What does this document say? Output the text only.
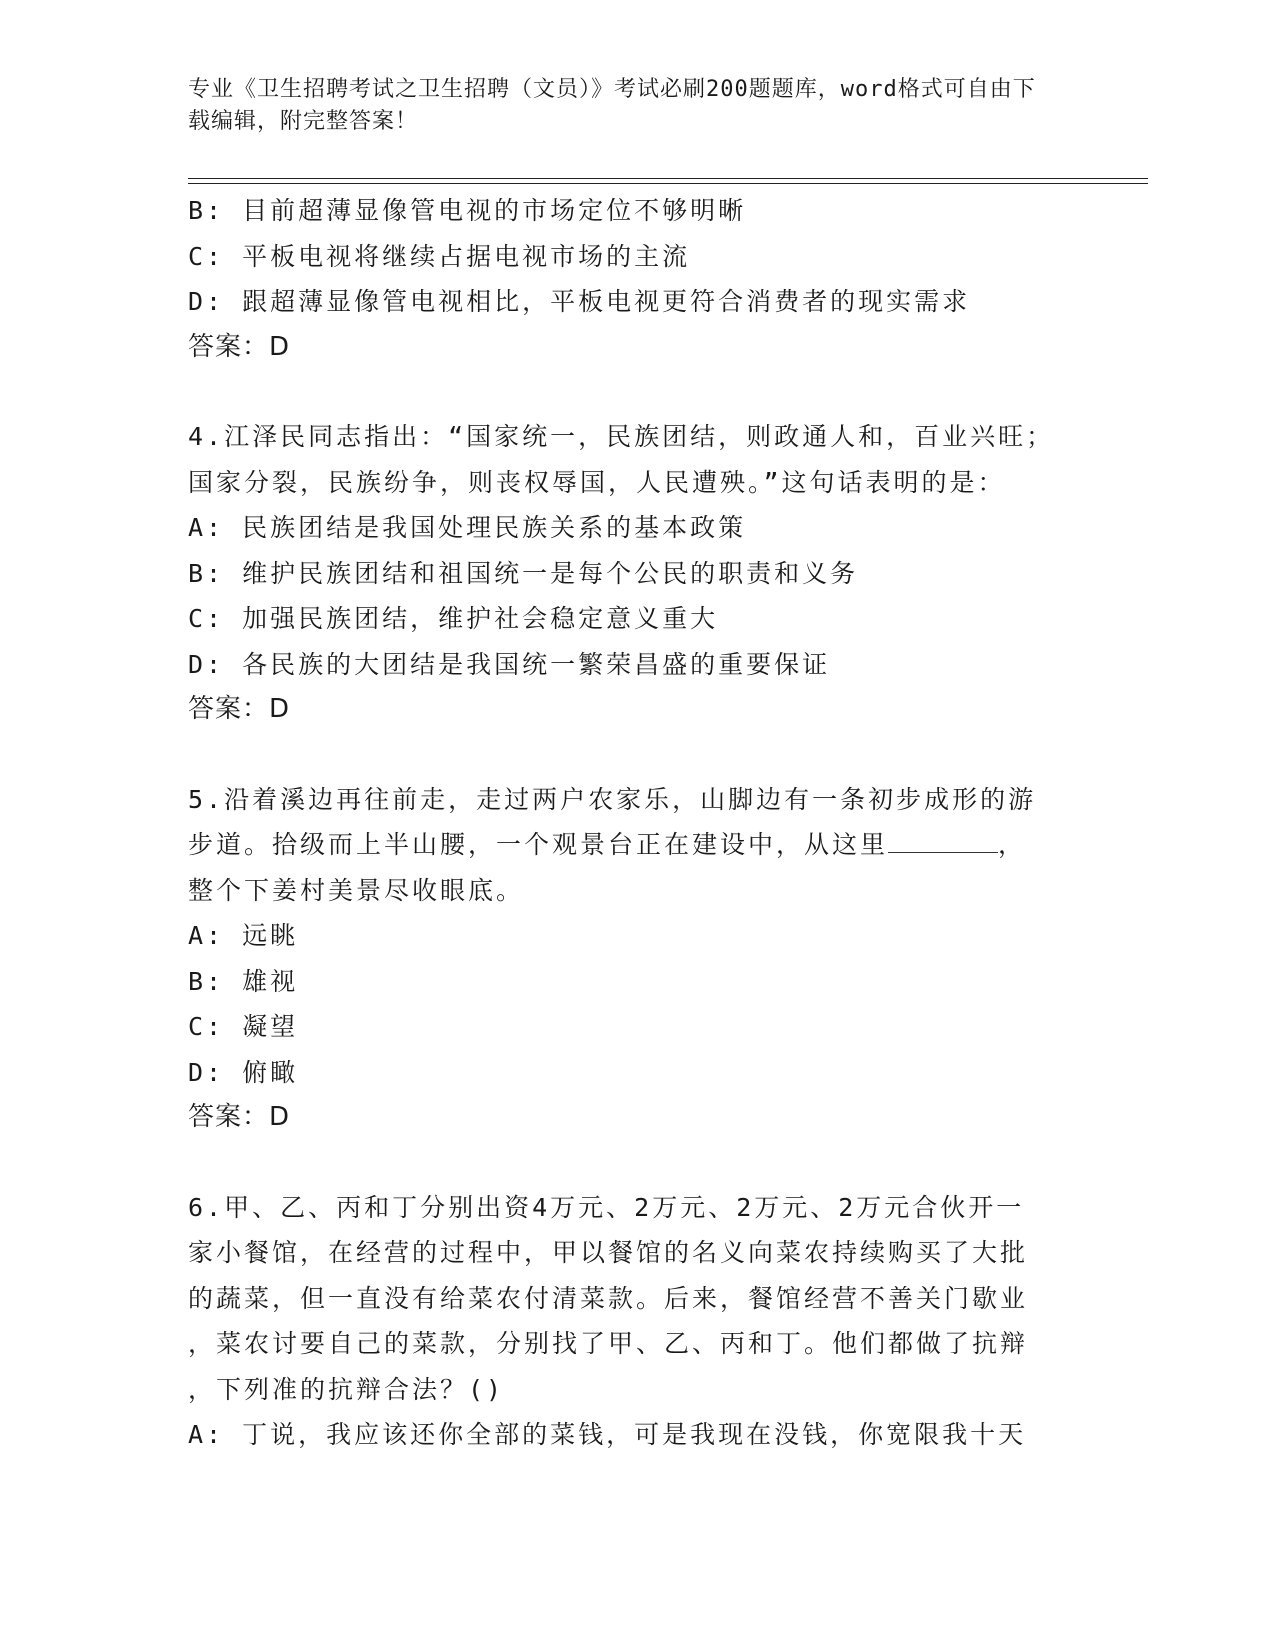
专业《卫生招聘考试之卫生招聘（文员）》考试必刷200题题库，word格式可自由下载编辑，附完整答案！
B: 目前超薄显像管电视的市场定位不够明晰
C: 平板电视将继续占据电视市场的主流
D: 跟超薄显像管电视相比，平板电视更符合消费者的现实需求
答案：D
4.江泽民同志指出：“国家统一，民族团结，则政通人和，百业兴旺；
国家分裂，民族纷争，则丧权辱国，人民遭殃。”这句话表明的是：
A: 民族团结是我国处理民族关系的基本政策
B: 维护民族团结和祖国统一是每个公民的职责和义务
C: 加强民族团结，维护社会稳定意义重大
D: 各民族的大团结是我国统一繁荣昌盛的重要保证
答案：D
5.沿着溪边再往前走，走过两户农家乐，山脚边有一条初步成形的游
步道。拾级而上半山腰，一个观景台正在建设中，从这里	，
整个下姜村美景尽收眼底。
A: 远眺
B: 雄视
C: 凝望
D: 俯瞰
答案：D
6.甲、乙、丙和丁分别出资4万元、2万元、2万元、2万元合伙开一
家小餐馆，在经营的过程中，甲以餐馆的名义向菜农持续购买了大批
的蔬菜，但一直没有给菜农付清菜款。后来，餐馆经营不善关门歇业
，菜农讨要自己的菜款，分别找了甲、乙、丙和丁。他们都做了抗辩
，下列准的抗辩合法？()
A: 丁说，我应该还你全部的菜钱，可是我现在没钱，你宽限我十天
